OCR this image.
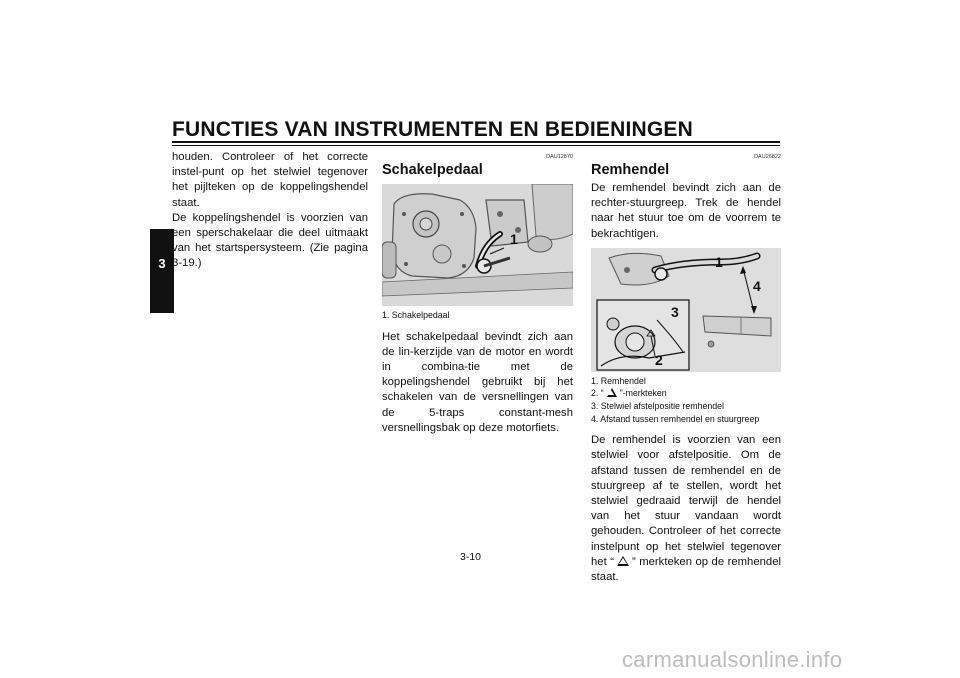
FUNCTIES VAN INSTRUMENTEN EN BEDIENINGEN
3

houden. Controleer of het correcte instel-punt op het stelwiel tegenover het pijlteken op de koppelingshendel staat.

De koppelingshendel is voorzien van een sperschakelaar die deel uitmaakt van het startspersysteem. (Zie pagina 3-19.)

DAU12870
Schakelpedaal
1
1. Schakelpedaal

Het schakelpedaal bevindt zich aan de lin-kerzijde van de motor en wordt in combina-tie met de koppelingshendel gebruikt bij het schakelen van de versnellingen van de 5-traps constant-mesh versnellingsbak op deze motorfiets.

DAU26822
Remhendel

De remhendel bevindt zich aan de rechter-stuurgreep. Trek de hendel naar het stuur toe om de voorrem te bekrachtigen.

1
4
3
2
1. Remhendel
2. “ ”-merkteken
3. Stelwiel afstelpositie remhendel
4. Afstand tussen remhendel en stuurgreep

De remhendel is voorzien van een stelwiel voor afstelpositie. Om de afstand tussen de remhendel en de stuurgreep af te stellen, wordt het stelwiel gedraaid terwijl de hendel van het stuur vandaan wordt gehouden. Controleer of het correcte instelpunt op het stelwiel tegenover het “ ” merkteken op de remhendel staat.

3-10
carmanualsonline.info
